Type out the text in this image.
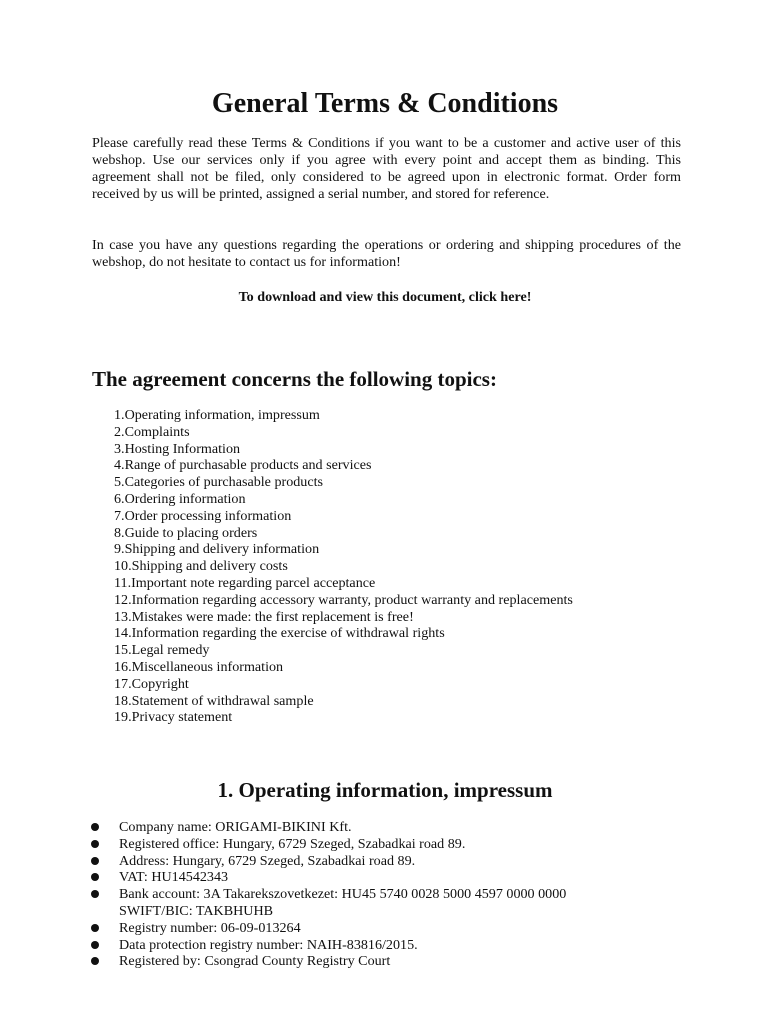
General Terms & Conditions

Please carefully read these Terms & Conditions if you want to be a customer and active user of this webshop. Use our services only if you agree with every point and accept them as binding. This agreement shall not be filed, only considered to be agreed upon in electronic format. Order form received by us will be printed, assigned a serial number, and stored for reference.

In case you have any questions regarding the operations or ordering and shipping procedures of the webshop, do not hesitate to contact us for information!

To download and view this document, click here!

The agreement concerns the following topics:
1.Operating information, impressum
2.Complaints
3.Hosting Information
4.Range of purchasable products and services
5.Categories of purchasable products
6.Ordering information
7.Order processing information
8.Guide to placing orders
9.Shipping and delivery information
10.Shipping and delivery costs
11.Important note regarding parcel acceptance
12.Information regarding accessory warranty, product warranty and replacements
13.Mistakes were made: the first replacement is free!
14.Information regarding the exercise of withdrawal rights
15.Legal remedy
16.Miscellaneous information
17.Copyright
18.Statement of withdrawal sample
19.Privacy statement
1. Operating information, impressum
Company name: ORIGAMI-BIKINI Kft.
Registered office: Hungary, 6729 Szeged, Szabadkai road 89.
Address: Hungary, 6729 Szeged, Szabadkai road 89.
VAT: HU14542343
Bank account: 3A Takarekszovetkezet: HU45 5740 0028 5000 4597 0000 0000
SWIFT/BIC: TAKBHUHB
Registry number: 06-09-013264
Data protection registry number: NAIH-83816/2015.
Registered by: Csongrad County Registry Court
